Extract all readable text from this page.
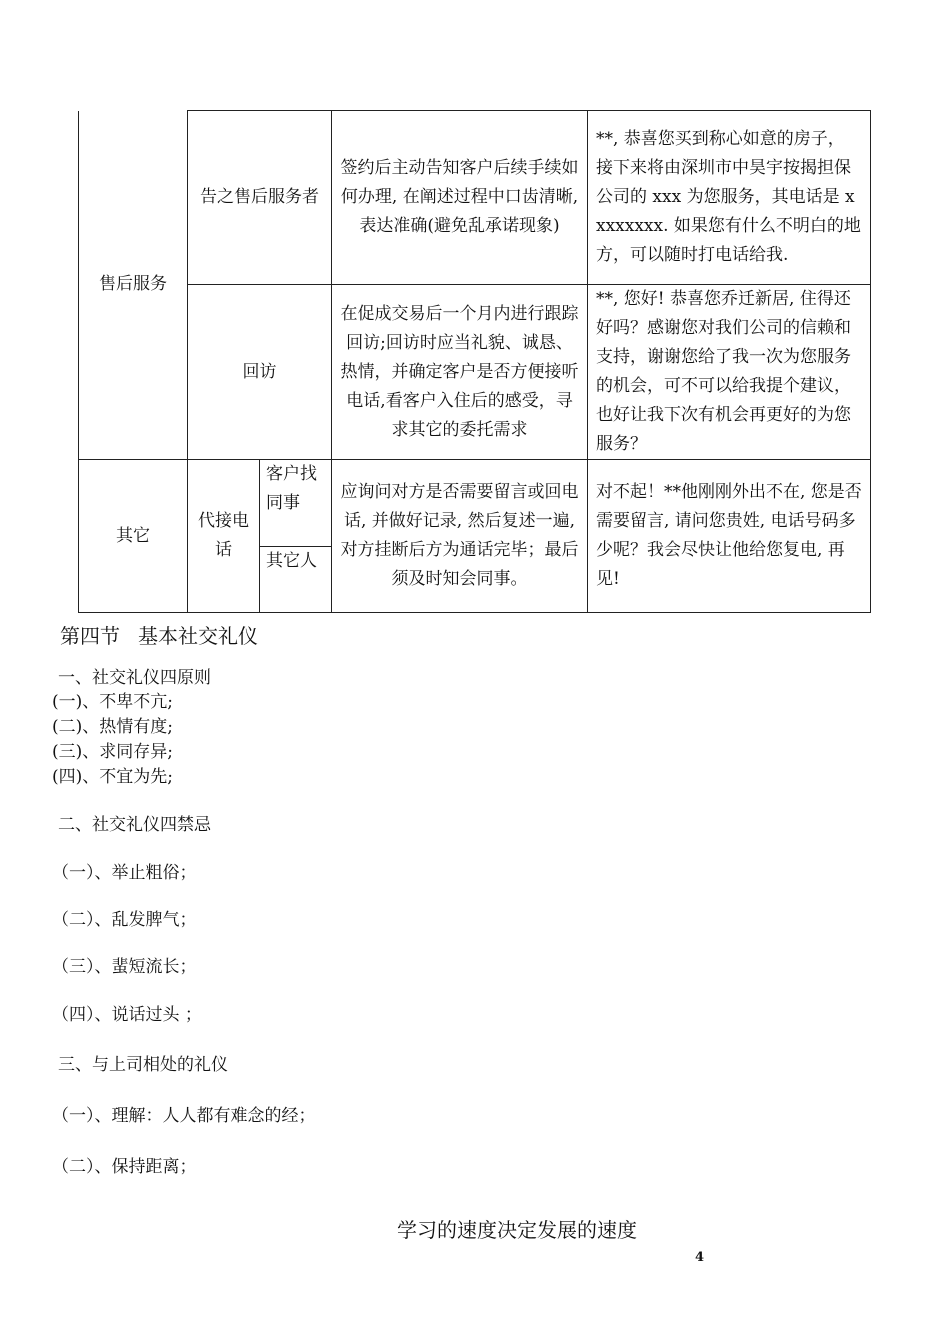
售后服务	告之售后服务者		签约后主动告知客户后续手续如何办理, 在阐述过程中口齿清晰, 表达准确(避免乱承诺现象)	**, 恭喜您买到称心如意的房子， 接下来将由深圳市中昊宇按揭担保公司的 xxx 为您服务，其电话是 xxxxxxxx. 如果您有什么不明白的地方，可以随时打电话给我.
	回访		在促成交易后一个月内进行跟踪回访;回访时应当礼貌、诚恳、热情，并确定客户是否方便接听电话,看客户入住后的感受，寻求其它的委托需求	**, 您好! 恭喜您乔迁新居, 住得还好吗？感谢您对我们公司的信赖和支持，谢谢您给了我一次为您服务的机会，可不可以给我提个建议，也好让我下次有机会再更好的为您服务？
其它	代接电话	客户找同事	应询问对方是否需要留言或回电话, 并做好记录, 然后复述一遍, 对方挂断后方为通话完毕；最后须及时知会同事。	对不起！**他刚刚外出不在, 您是否需要留言, 请问您贵姓, 电话号码多少呢？我会尽快让他给您复电, 再见!
		其它人		
第四节 基本社交礼仪
一、社交礼仪四原则
(一)、不卑不亢;
(二)、热情有度;
(三)、求同存异;
(四)、不宜为先;
二、社交礼仪四禁忌
（一）、举止粗俗；
（二）、乱发脾气；
（三）、蜚短流长；
（四）、说话过头 ；
三、与上司相处的礼仪
（一）、理解：人人都有难念的经；
（二）、保持距离；
学习的速度决定发展的速度
4
